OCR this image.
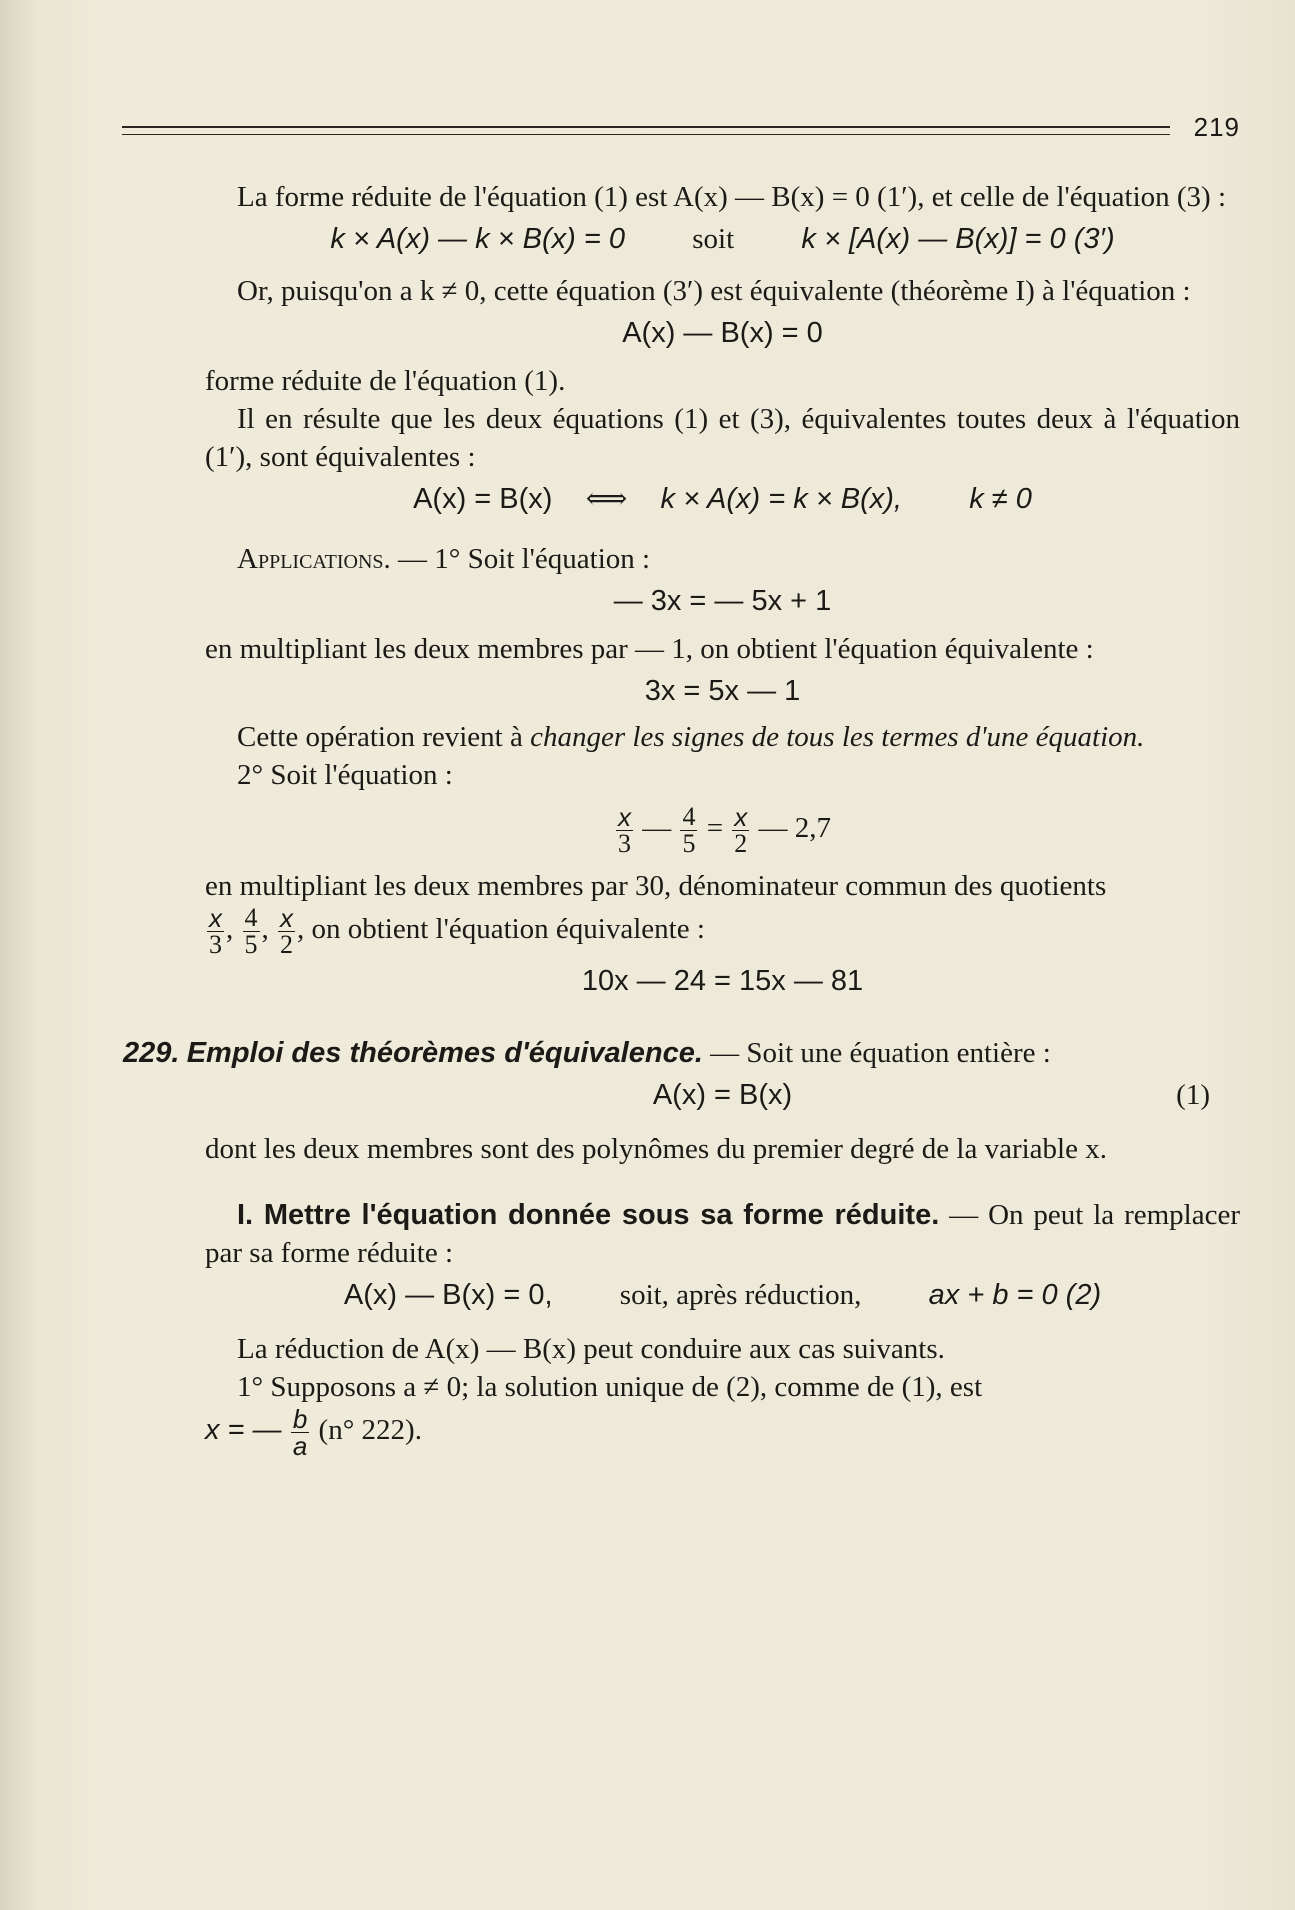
219

La forme réduite de l'équation (1) est A(x) — B(x) = 0 (1′), et celle de l'équation (3) :

k × A(x) — k × B(x) = 0 soit k × [A(x) — B(x)] = 0 (3′)

Or, puisqu'on a k ≠ 0, cette équation (3′) est équivalente (théorème I) à l'équation :

A(x) — B(x) = 0

forme réduite de l'équation (1).

Il en résulte que les deux équations (1) et (3), équivalentes toutes deux à l'équation (1′), sont équivalentes :

A(x) = B(x) ⟺ k × A(x) = k × B(x), k ≠ 0

Applications. — 1° Soit l'équation :

— 3x = — 5x + 1

en multipliant les deux membres par — 1, on obtient l'équation équivalente :

3x = 5x — 1

Cette opération revient à changer les signes de tous les termes d'une équation.

2° Soit l'équation :

$\frac{x}{3}$ — $\frac{4}{5} = \frac{x}{2}$ — 2,7

en multipliant les deux membres par 30, dénominateur commun des quotients

$\frac{x}{3}$ , $\frac{4}{5}$ , $\frac{x}{2}$ , on obtient l'équation équivalente :

10x — 24 = 15x — 81

229. Emploi des théorèmes d'équivalence. — Soit une équation entière :

A(x) = B(x)	(1)

dont les deux membres sont des polynômes du premier degré de la variable x.

I. Mettre l'équation donnée sous sa forme réduite. — On peut la remplacer par sa forme réduite :

A(x) — B(x) = 0, soit, après réduction, ax + b = 0 (2)

La réduction de A(x) — B(x) peut conduire aux cas suivants.

1° Supposons a ≠ 0; la solution unique de (2), comme de (1), est

x = — $\frac{b}{a} (n^\circ$ 222).
